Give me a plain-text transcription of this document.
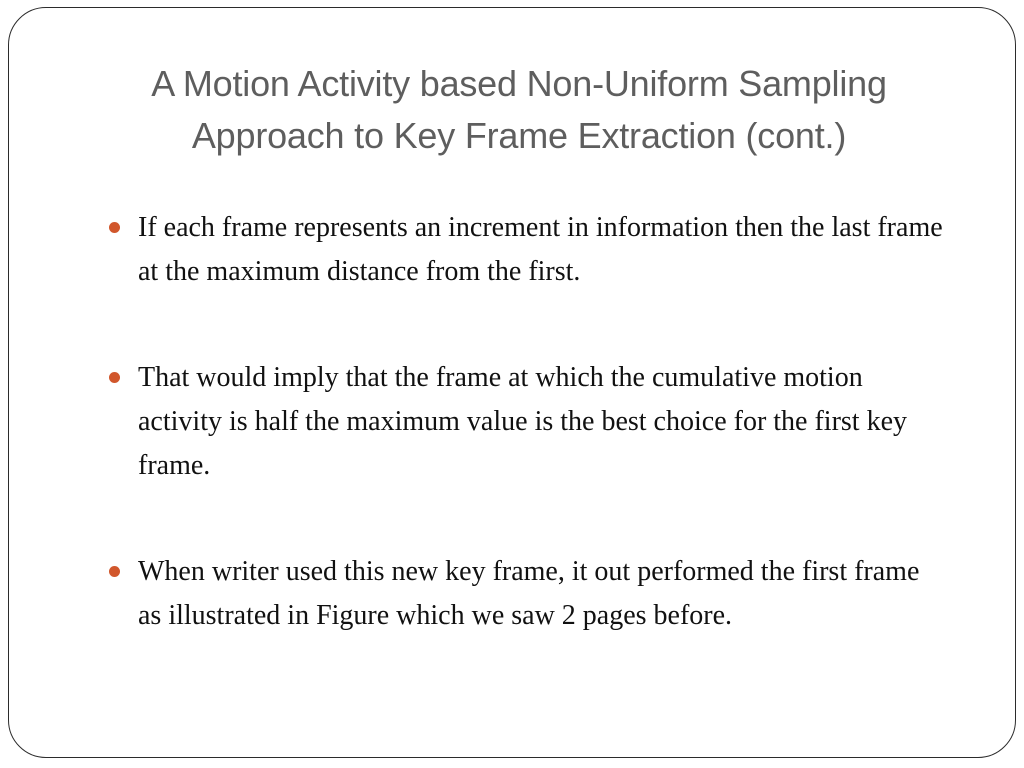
A Motion Activity based Non-Uniform Sampling
Approach to Key Frame Extraction (cont.)
If each frame represents an increment in information then the last frame at the maximum distance from the first.
That would imply that the frame at which the cumulative motion activity is half the maximum value is the best choice for the first key frame.
When writer used this new key frame, it out performed the first frame as illustrated in Figure which we saw 2 pages before.
